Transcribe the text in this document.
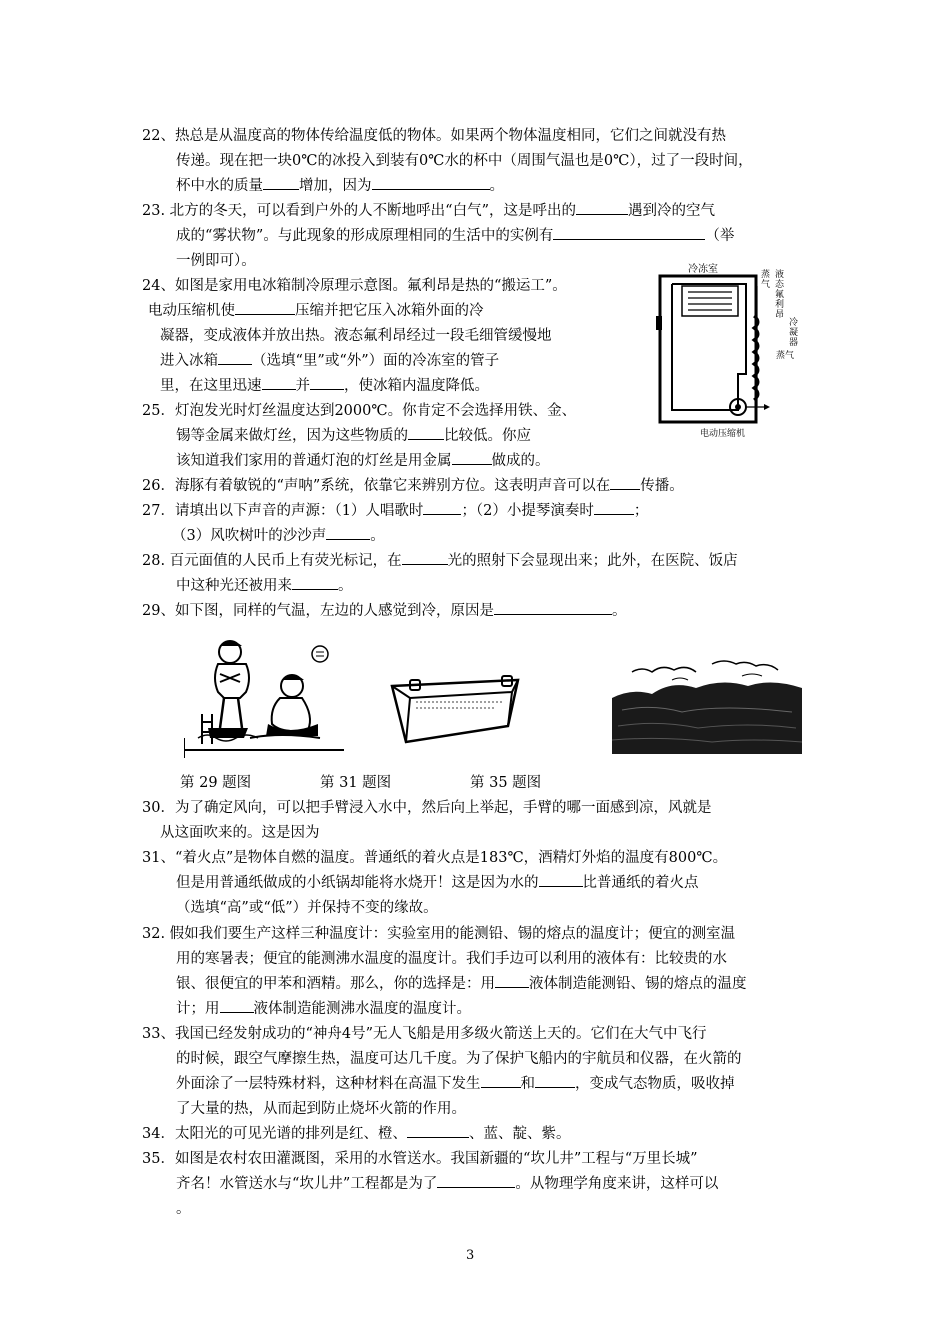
22、热总是从温度高的物体传给温度低的物体。如果两个物体温度相同，它们之间就没有热
传递。现在把一块0℃的冰投入到装有0℃水的杯中（周围气温也是0℃），过了一段时间，
杯中水的质量 增加，因为	。
23. 北方的冬天，可以看到户外的人不断地呼出“白气”，这是呼出的	遇到冷的空气
成的“雾状物”。与此现象的形成原理相同的生活中的实例有	（举
一例即可）。
24、如图是家用电冰箱制冷原理示意图。氟利昂是热的“搬运工”。
电动压缩机使	压缩并把它压入冰箱外面的冷
凝器，变成液体并放出热。液态氟利昂经过一段毛细管缓慢地
进入冰箱 （选填“里”或“外”）面的冷冻室的管子
里，在这里迅速 并 ，使冰箱内温度降低。
冷冻室
蒸气
电动压缩机
蒸气
液态氟利昂
冷凝器
25．灯泡发光时灯丝温度达到2000℃。你肯定不会选择用铁、金、
锡等金属来做灯丝，因为这些物质的 比较低。你应
该知道我们家用的普通灯泡的灯丝是用金属	做成的。
26．海豚有着敏锐的“声呐”系统，依靠它来辨别方位。这表明声音可以在 传播。
27．请填出以下声音的声源：（1）人唱歌时	；（2）小提琴演奏时	；
（3）风吹树叶的沙沙声	。
28. 百元面值的人民币上有荧光标记，在	光的照射下会显现出来；此外，在医院、饭店
中这种光还被用来	。
29、如下图，同样的气温，左边的人感觉到冷，原因是	。
第 29 题图	第 31 题图	第 35 题图
30．为了确定风向，可以把手臂浸入水中，然后向上举起，手臂的哪一面感到凉，风就是
从这面吹来的。这是因为
31、“着火点”是物体自燃的温度。普通纸的着火点是183℃，酒精灯外焰的温度有800℃。
但是用普通纸做成的小纸锅却能将水烧开！这是因为水的	比普通纸的着火点
（选填“高”或“低”）并保持不变的缘故。
32. 假如我们要生产这样三种温度计：实验室用的能测铅、锡的熔点的温度计；便宜的测室温
用的寒暑表；便宜的能测沸水温度的温度计。我们手边可以利用的液体有：比较贵的水
银、很便宜的甲苯和酒精。那么，你的选择是：用 液体制造能测铅、锡的熔点的温度
计；用 液体制造能测沸水温度的温度计。
33、我国已经发射成功的“神舟4号”无人飞船是用多级火箭送上天的。它们在大气中飞行
的时候，跟空气摩擦生热，温度可达几千度。为了保护飞船内的宇航员和仪器，在火箭的
外面涂了一层特殊材料，这种材料在高温下发生	和	，变成气态物质，吸收掉
了大量的热，从而起到防止烧坏火箭的作用。
34．太阳光的可见光谱的排列是红、橙、	、蓝、靛、紫。
35．如图是农村农田灌溉图，采用的水管送水。我国新疆的“坎儿井”工程与“万里长城”
齐名！水管送水与“坎儿井”工程都是为了	。从物理学角度来讲，这样可以
。
3
